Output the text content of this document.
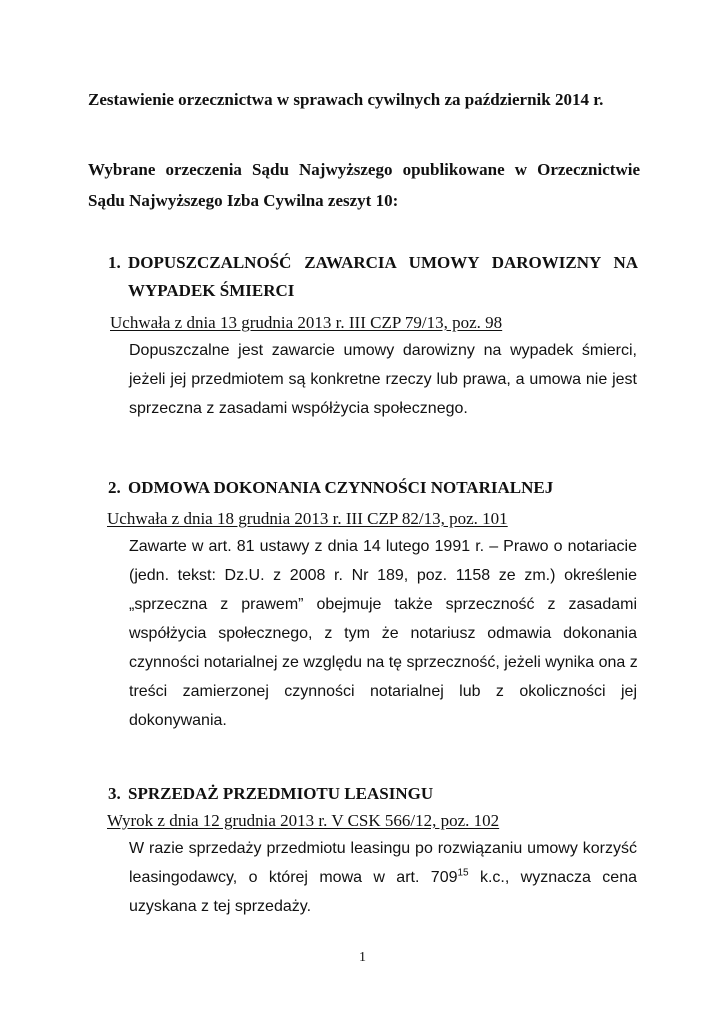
Zestawienie orzecznictwa w sprawach cywilnych za październik 2014 r.
Wybrane orzeczenia Sądu Najwyższego opublikowane w Orzecznictwie
Sądu Najwyższego Izba Cywilna zeszyt 10:
1. DOPUSZCZALNOŚĆ ZAWARCIA UMOWY DAROWIZNY NA
WYPADEK ŚMIERCI
Uchwała z dnia 13 grudnia 2013 r. III CZP 79/13, poz. 98
Dopuszczalne jest zawarcie umowy darowizny na wypadek śmierci,
jeżeli jej przedmiotem są konkretne rzeczy lub prawa, a umowa nie jest
sprzeczna z zasadami współżycia społecznego.
2. ODMOWA DOKONANIA CZYNNOŚCI NOTARIALNEJ
Uchwała z dnia 18 grudnia 2013 r. III CZP 82/13, poz. 101
Zawarte w art. 81 ustawy z dnia 14 lutego 1991 r. – Prawo o notariacie
(jedn. tekst: Dz.U. z 2008 r. Nr 189, poz. 1158 ze zm.) określenie
„sprzeczna z prawem” obejmuje także sprzeczność z zasadami
współżycia społecznego, z tym że notariusz odmawia dokonania
czynności notarialnej ze względu na tę sprzeczność, jeżeli wynika ona z
treści zamierzonej czynności notarialnej lub z okoliczności jej
dokonywania.
3. SPRZEDAŻ PRZEDMIOTU LEASINGU
Wyrok z dnia 12 grudnia 2013 r. V CSK 566/12, poz. 102
W razie sprzedaży przedmiotu leasingu po rozwiązaniu umowy korzyść
leasingodawcy, o której mowa w art. $709^{15}$ k.c., wyznacza cena
uzyskana z tej sprzedaży.
1
